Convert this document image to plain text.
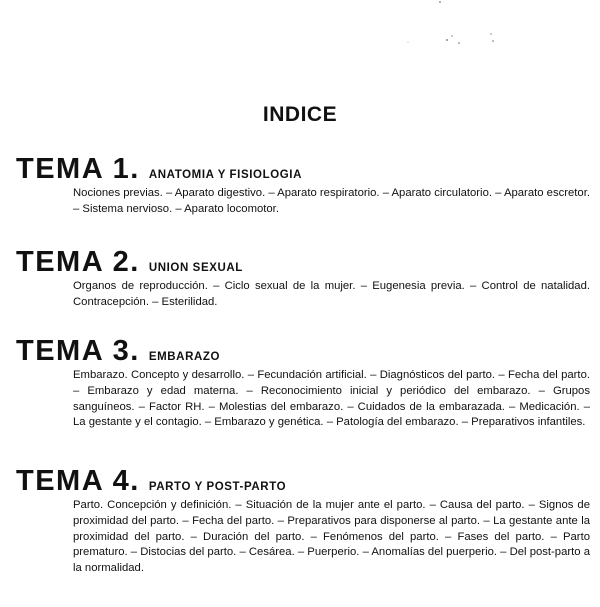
INDICE
TEMA 1. ANATOMIA Y FISIOLOGIA
Nociones previas. – Aparato digestivo. – Aparato respiratorio. – Aparato circulatorio. – Aparato escretor. – Sistema nervioso. – Aparato locomotor.
TEMA 2. UNION SEXUAL
Organos de reproducción. – Ciclo sexual de la mujer. – Eugenesia previa. – Control de natalidad. Contracepción. – Esterilidad.
TEMA 3. EMBARAZO
Embarazo. Concepto y desarrollo. – Fecundación artificial. – Diagnósticos del parto. – Fecha del parto. – Embarazo y edad materna. – Reconocimiento inicial y periódico del embarazo. – Grupos sanguíneos. – Factor RH. – Molestias del embarazo. – Cuidados de la embarazada. – Medicación. – La gestante y el contagio. – Embarazo y genética. – Patología del embarazo. – Preparativos infantiles.
TEMA 4. PARTO Y POST-PARTO
Parto. Concepción y definición. – Situación de la mujer ante el parto. – Causa del parto. – Signos de proximidad del parto. – Fecha del parto. – Preparativos para disponerse al parto. – La gestante ante la proximidad del parto. – Duración del parto. – Fenómenos del parto. – Fases del parto. – Parto prematuro. – Distocias del parto. – Cesárea. – Puerperio. – Anomalías del puerperio. – Del post-parto a la normalidad.
